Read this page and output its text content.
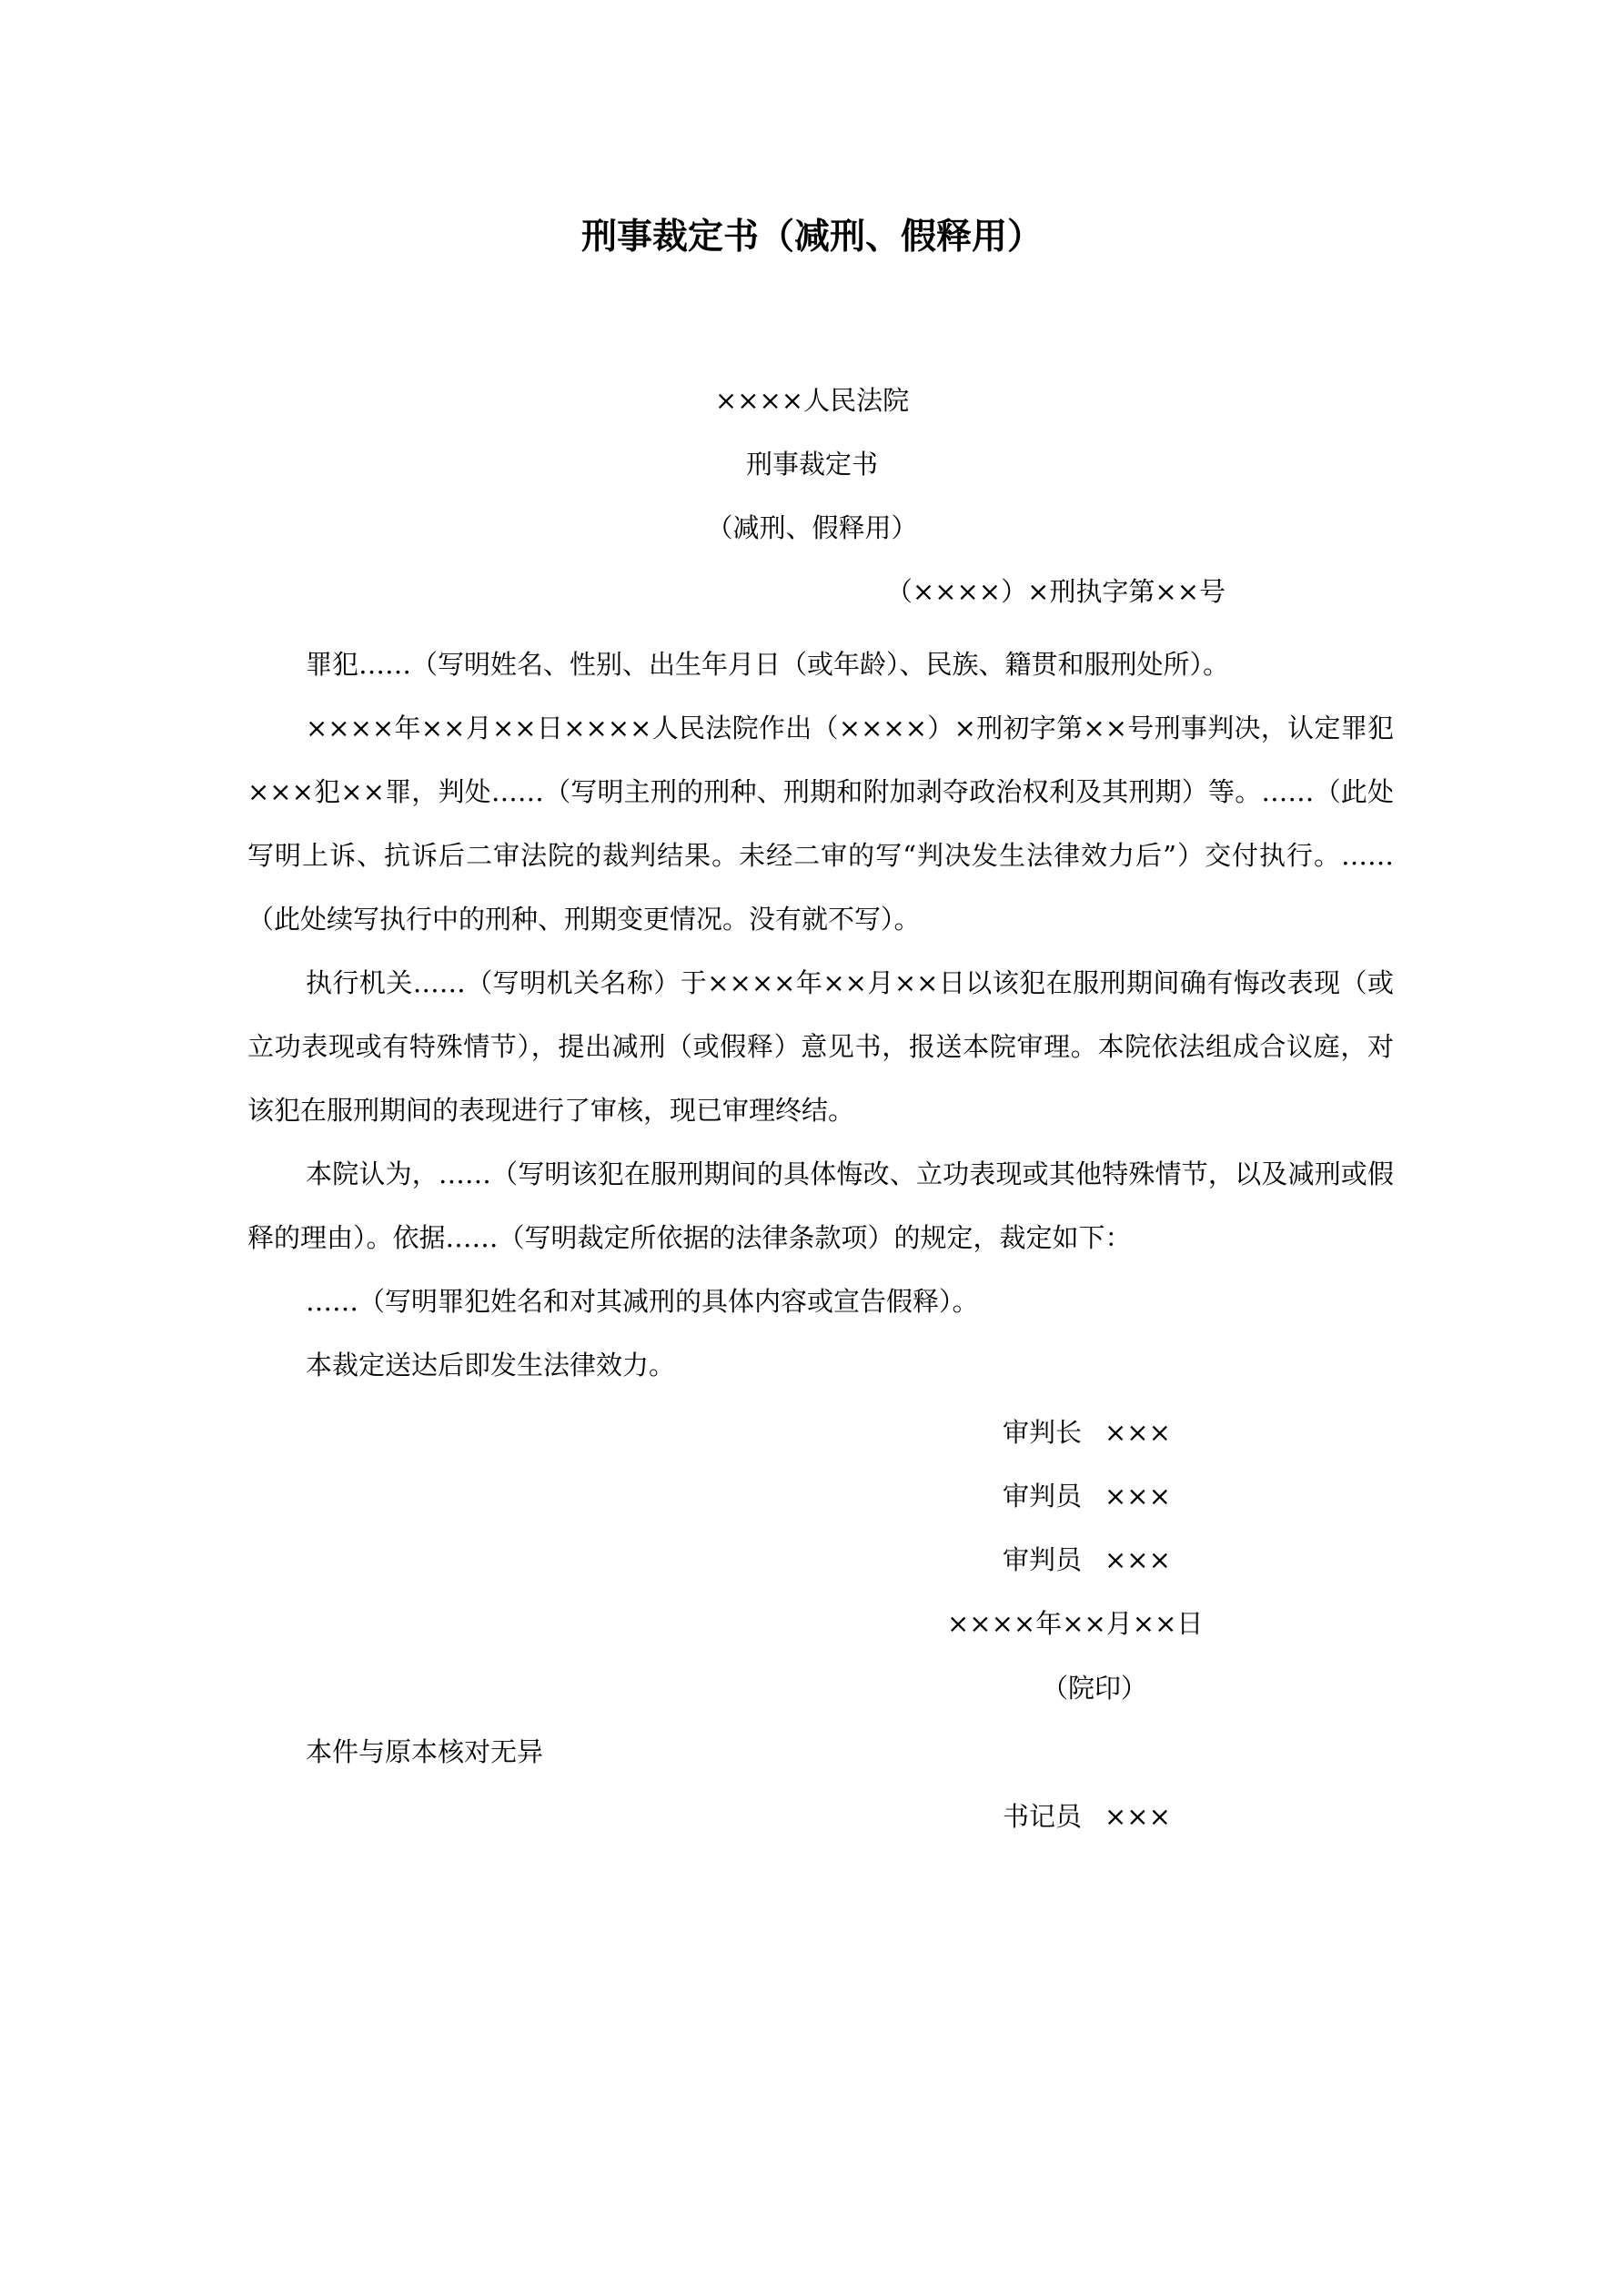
刑事裁定书（减刑、假释用）
××××人民法院
刑事裁定书
（减刑、假释用）
（××××）×刑执字第××号

罪犯……（写明姓名、性别、出生年月日（或年龄）、民族、籍贯和服刑处所）。

××××年××月××日××××人民法院作出（××××）×刑初字第××号刑事判决，认定罪犯×××犯××罪，判处……（写明主刑的刑种、刑期和附加剥夺政治权利及其刑期）等。……（此处写明上诉、抗诉后二审法院的裁判结果。未经二审的写“判决发生法律效力后”）交付执行。……（此处续写执行中的刑种、刑期变更情况。没有就不写）。

执行机关……（写明机关名称）于××××年××月××日以该犯在服刑期间确有悔改表现（或立功表现或有特殊情节），提出减刑（或假释）意见书，报送本院审理。本院依法组成合议庭，对该犯在服刑期间的表现进行了审核，现已审理终结。

本院认为，……（写明该犯在服刑期间的具体悔改、立功表现或其他特殊情节，以及减刑或假释的理由）。依据……（写明裁定所依据的法律条款项）的规定，裁定如下：

……（写明罪犯姓名和对其减刑的具体内容或宣告假释）。

本裁定送达后即发生法律效力。

审判长 ×××
审判员 ×××
审判员 ×××
××××年××月××日
（院印）
本件与原本核对无异
书记员 ×××
